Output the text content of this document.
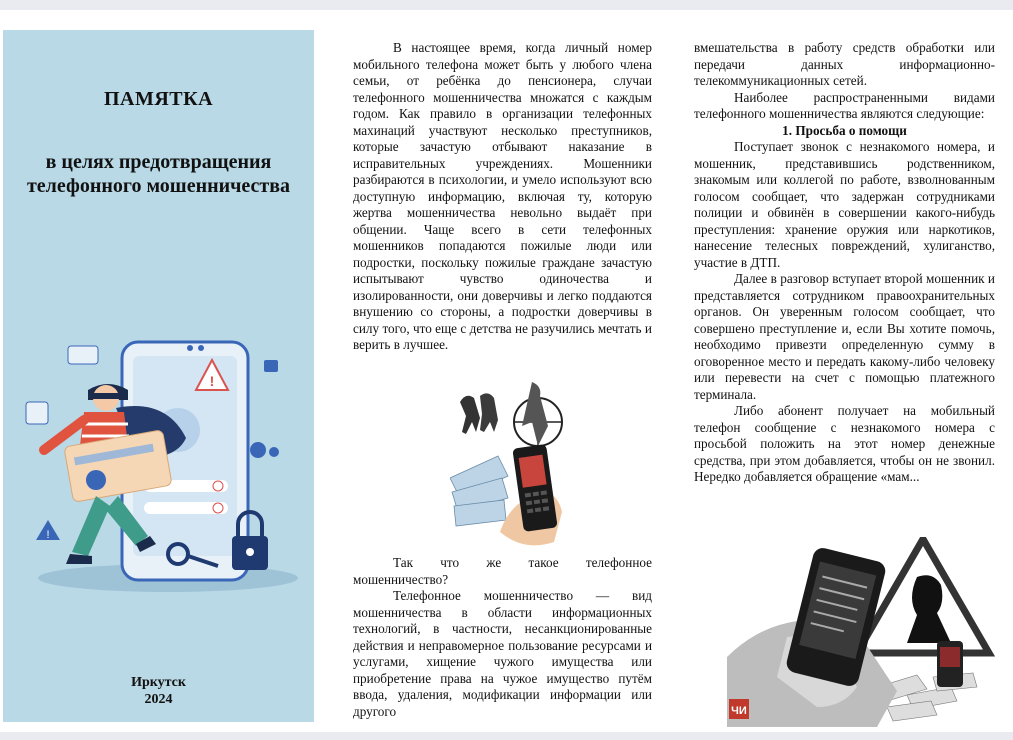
ПАМЯТКА
в целях предотвращения
телефонного мошенничества
!
!
Иркутск
2024

В настоящее время, когда личный номер мобильного телефона может быть у любого члена семьи, от ребёнка до пенсионера, случаи телефонного мошенничества множатся с каждым годом. Как правило в организации телефонных махинаций участвуют несколько преступников, которые зачастую отбывают наказание в исправительных учреждениях. Мошенники разбираются в психологии, и умело используют всю доступную информацию, включая ту, которую жертва мошенничества невольно выдаёт при общении. Чаще всего в сети телефонных мошенников попадаются пожилые люди или подростки, поскольку пожилые граждане зачастую испытывают чувство одиночества и изолированности, они доверчивы и легко поддаются внушению со стороны, а подростки доверчивы в силу того, что еще с детства не разучились мечтать и верить в лучшее.

Так что же такое телефонное мошенничество?

Телефонное мошенничество — вид мошенничества в области информационных технологий, в частности, несанкционированные действия и неправомерное пользование ресурсами и услугами, хищение чужого имущества или приобретение права на чужое имущество путём ввода, удаления, модификации информации или другого

вмешательства в работу средств обработки или передачи данных информационно-телекоммуникационных сетей.

Наиболее распространенными видами телефонного мошенничества являются следующие:

1. Просьба о помощи

Поступает звонок с незнакомого номера, и мошенник, представившись родственником, знакомым или коллегой по работе, взволнованным голосом сообщает, что задержан сотрудниками полиции и обвинён в совершении какого-нибудь преступления: хранение оружия или наркотиков, нанесение телесных повреждений, хулиганство, участие в ДТП.

Далее в разговор вступает второй мошенник и представляется сотрудником правоохранительных органов. Он уверенным голосом сообщает, что совершено преступление и, если Вы хотите помочь, необходимо привезти определенную сумму в оговоренное место и передать какому-либо человеку или перевести на счет с помощью платежного терминала.

Либо абонент получает на мобильный телефон сообщение с незнакомого номера с просьбой положить на этот номер денежные средства, при этом добавляется, чтобы он не звонил. Нередко добавляется обращение «мам...

ЧИ
